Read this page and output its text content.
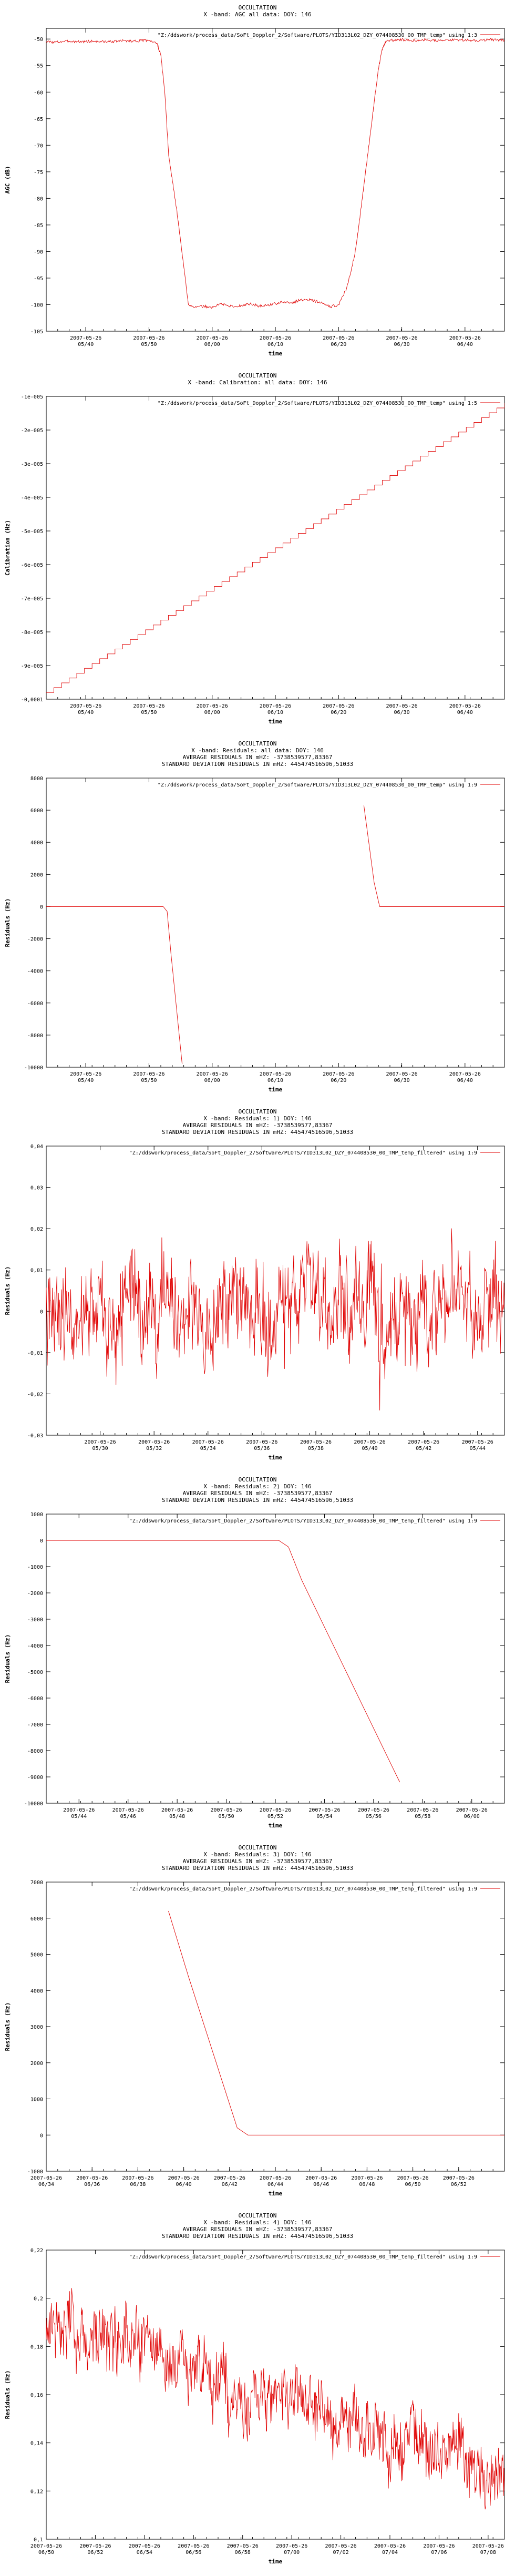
OCCULTATION
X -band: AGC all data: DOY: 146
-105
-100
-95
-90
-85
-80
-75
-70
-65
-60
-55
-50
2007-05-26
05/40
2007-05-26
05/50
2007-05-26
06/00
2007-05-26
06/10
2007-05-26
06/20
2007-05-26
06/30
2007-05-26
06/40
time
AGC (dB)
"Z:/ddswork/process_data/SoFt_Doppler_2/Software/PLOTS/YID313L02_DZY_074408530_00_TMP_temp" using 1:3
OCCULTATION
X -band: Calibration: all data: DOY: 146
-0,0001
-9e-005
-8e-005
-7e-005
-6e-005
-5e-005
-4e-005
-3e-005
-2e-005
-1e-005
2007-05-26
05/40
2007-05-26
05/50
2007-05-26
06/00
2007-05-26
06/10
2007-05-26
06/20
2007-05-26
06/30
2007-05-26
06/40
time
Calibration (Hz)
"Z:/ddswork/process_data/SoFt_Doppler_2/Software/PLOTS/YID313L02_DZY_074408530_00_TMP_temp" using 1:5
OCCULTATION
X -band: Residuals: all data: DOY: 146
AVERAGE RESIDUALS IN mHZ: -3738539577,83367
STANDARD DEVIATION RESIDUALS IN mHZ: 445474516596,51033
-10000
-8000
-6000
-4000
-2000
0
2000
4000
6000
8000
2007-05-26
05/40
2007-05-26
05/50
2007-05-26
06/00
2007-05-26
06/10
2007-05-26
06/20
2007-05-26
06/30
2007-05-26
06/40
time
Residuals (Hz)
"Z:/ddswork/process_data/SoFt_Doppler_2/Software/PLOTS/YID313L02_DZY_074408530_00_TMP_temp" using 1:9
OCCULTATION
X -band: Residuals: 1) DOY: 146
AVERAGE RESIDUALS IN mHZ: -3738539577,83367
STANDARD DEVIATION RESIDUALS IN mHZ: 445474516596,51033
-0,03
-0,02
-0,01
0
0,01
0,02
0,03
0,04
2007-05-26
05/30
2007-05-26
05/32
2007-05-26
05/34
2007-05-26
05/36
2007-05-26
05/38
2007-05-26
05/40
2007-05-26
05/42
2007-05-26
05/44
time
Residuals (Hz)
"Z:/ddswork/process_data/SoFt_Doppler_2/Software/PLOTS/YID313L02_DZY_074408530_00_TMP_temp_filtered" using 1:9
OCCULTATION
X -band: Residuals: 2) DOY: 146
AVERAGE RESIDUALS IN mHZ: -3738539577,83367
STANDARD DEVIATION RESIDUALS IN mHZ: 445474516596,51033
-10000
-9000
-8000
-7000
-6000
-5000
-4000
-3000
-2000
-1000
0
1000
2007-05-26
05/44
2007-05-26
05/46
2007-05-26
05/48
2007-05-26
05/50
2007-05-26
05/52
2007-05-26
05/54
2007-05-26
05/56
2007-05-26
05/58
2007-05-26
06/00
time
Residuals (Hz)
"Z:/ddswork/process_data/SoFt_Doppler_2/Software/PLOTS/YID313L02_DZY_074408530_00_TMP_temp_filtered" using 1:9
OCCULTATION
X -band: Residuals: 3) DOY: 146
AVERAGE RESIDUALS IN mHZ: -3738539577,83367
STANDARD DEVIATION RESIDUALS IN mHZ: 445474516596,51033
-1000
0
1000
2000
3000
4000
5000
6000
7000
2007-05-26
06/34
2007-05-26
06/36
2007-05-26
06/38
2007-05-26
06/40
2007-05-26
06/42
2007-05-26
06/44
2007-05-26
06/46
2007-05-26
06/48
2007-05-26
06/50
2007-05-26
06/52
time
Residuals (Hz)
"Z:/ddswork/process_data/SoFt_Doppler_2/Software/PLOTS/YID313L02_DZY_074408530_00_TMP_temp_filtered" using 1:9
OCCULTATION
X -band: Residuals: 4) DOY: 146
AVERAGE RESIDUALS IN mHZ: -3738539577,83367
STANDARD DEVIATION RESIDUALS IN mHZ: 445474516596,51033
0,1
0,12
0,14
0,16
0,18
0,2
0,22
2007-05-26
06/50
2007-05-26
06/52
2007-05-26
06/54
2007-05-26
06/56
2007-05-26
06/58
2007-05-26
07/00
2007-05-26
07/02
2007-05-26
07/04
2007-05-26
07/06
2007-05-26
07/08
time
Residuals (Hz)
"Z:/ddswork/process_data/SoFt_Doppler_2/Software/PLOTS/YID313L02_DZY_074408530_00_TMP_temp_filtered" using 1:9
